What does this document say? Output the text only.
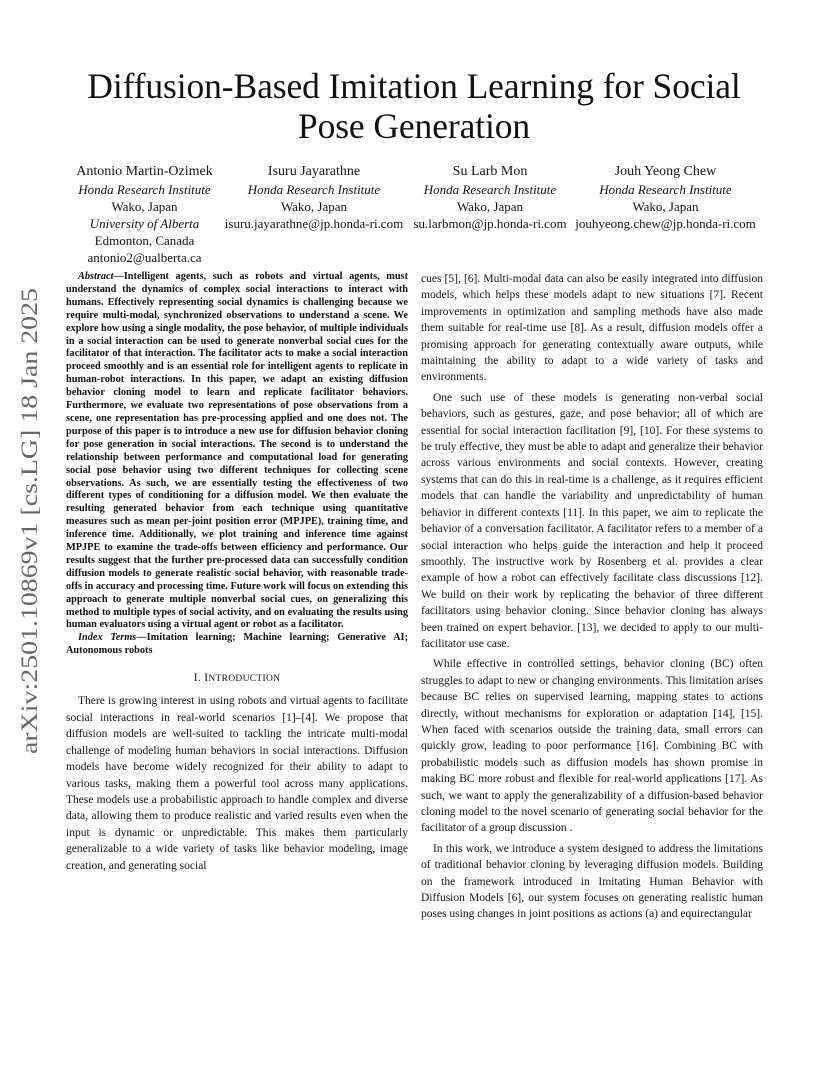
arXiv:2501.10869v1 [cs.LG] 18 Jan 2025
Diffusion-Based Imitation Learning for Social Pose Generation
Antonio Martin-Ozimek
Honda Research Institute
Wako, Japan
University of Alberta
Edmonton, Canada
antonio2@ualberta.ca
Isuru Jayarathne
Honda Research Institute
Wako, Japan
isuru.jayarathne@jp.honda-ri.com
Su Larb Mon
Honda Research Institute
Wako, Japan
su.larbmon@jp.honda-ri.com
Jouh Yeong Chew
Honda Research Institute
Wako, Japan
jouhyeong.chew@jp.honda-ri.com

Abstract—Intelligent agents, such as robots and virtual agents, must understand the dynamics of complex social interactions to interact with humans. Effectively representing social dynamics is challenging because we require multi-modal, synchronized observations to understand a scene. We explore how using a single modality, the pose behavior, of multiple individuals in a social interaction can be used to generate nonverbal social cues for the facilitator of that interaction. The facilitator acts to make a social interaction proceed smoothly and is an essential role for intelligent agents to replicate in human-robot interactions. In this paper, we adapt an existing diffusion behavior cloning model to learn and replicate facilitator behaviors. Furthermore, we evaluate two representations of pose observations from a scene, one representation has pre-processing applied and one does not. The purpose of this paper is to introduce a new use for diffusion behavior cloning for pose generation in social interactions. The second is to understand the relationship between performance and computational load for generating social pose behavior using two different techniques for collecting scene observations. As such, we are essentially testing the effectiveness of two different types of conditioning for a diffusion model. We then evaluate the resulting generated behavior from each technique using quantitative measures such as mean per-joint position error (MPJPE), training time, and inference time. Additionally, we plot training and inference time against MPJPE to examine the trade-offs between efficiency and performance. Our results suggest that the further pre-processed data can successfully condition diffusion models to generate realistic social behavior, with reasonable trade-offs in accuracy and processing time. Future work will focus on extending this approach to generate multiple nonverbal social cues, on generalizing this method to multiple types of social activity, and on evaluating the results using human evaluators using a virtual agent or robot as a facilitator.

Index Terms—Imitation learning; Machine learning; Generative AI; Autonomous robots

I. INTRODUCTION

There is growing interest in using robots and virtual agents to facilitate social interactions in real-world scenarios [1]–[4]. We propose that diffusion models are well-suited to tackling the intricate multi-modal challenge of modeling human behaviors in social interactions. Diffusion models have become widely recognized for their ability to adapt to various tasks, making them a powerful tool across many applications. These models use a probabilistic approach to handle complex and diverse data, allowing them to produce realistic and varied results even when the input is dynamic or unpredictable. This makes them particularly generalizable to a wide variety of tasks like behavior modeling, image creation, and generating social

cues [5], [6]. Multi-modal data can also be easily integrated into diffusion models, which helps these models adapt to new situations [7]. Recent improvements in optimization and sampling methods have also made them suitable for real-time use [8]. As a result, diffusion models offer a promising approach for generating contextually aware outputs, while maintaining the ability to adapt to a wide variety of tasks and environments.

One such use of these models is generating non-verbal social behaviors, such as gestures, gaze, and pose behavior; all of which are essential for social interaction facilitation [9], [10]. For these systems to be truly effective, they must be able to adapt and generalize their behavior across various environments and social contexts. However, creating systems that can do this in real-time is a challenge, as it requires efficient models that can handle the variability and unpredictability of human behavior in different contexts [11]. In this paper, we aim to replicate the behavior of a conversation facilitator. A facilitator refers to a member of a social interaction who helps guide the interaction and help it proceed smoothly. The instructive work by Rosenberg et al. provides a clear example of how a robot can effectively facilitate class discussions [12]. We build on their work by replicating the behavior of three different facilitators using behavior cloning. Since behavior cloning has always been trained on expert behavior. [13], we decided to apply to our multi-facilitator use case.

While effective in controlled settings, behavior cloning (BC) often struggles to adapt to new or changing environments. This limitation arises because BC relies on supervised learning, mapping states to actions directly, without mechanisms for exploration or adaptation [14], [15]. When faced with scenarios outside the training data, small errors can quickly grow, leading to poor performance [16]. Combining BC with probabilistic models such as diffusion models has shown promise in making BC more robust and flexible for real-world applications [17]. As such, we want to apply the generalizability of a diffusion-based behavior cloning model to the novel scenario of generating social behavior for the facilitator of a group discussion .

In this work, we introduce a system designed to address the limitations of traditional behavior cloning by leveraging diffusion models. Building on the framework introduced in Imitating Human Behavior with Diffusion Models [6], our system focuses on generating realistic human poses using changes in joint positions as actions (a) and equirectangular
